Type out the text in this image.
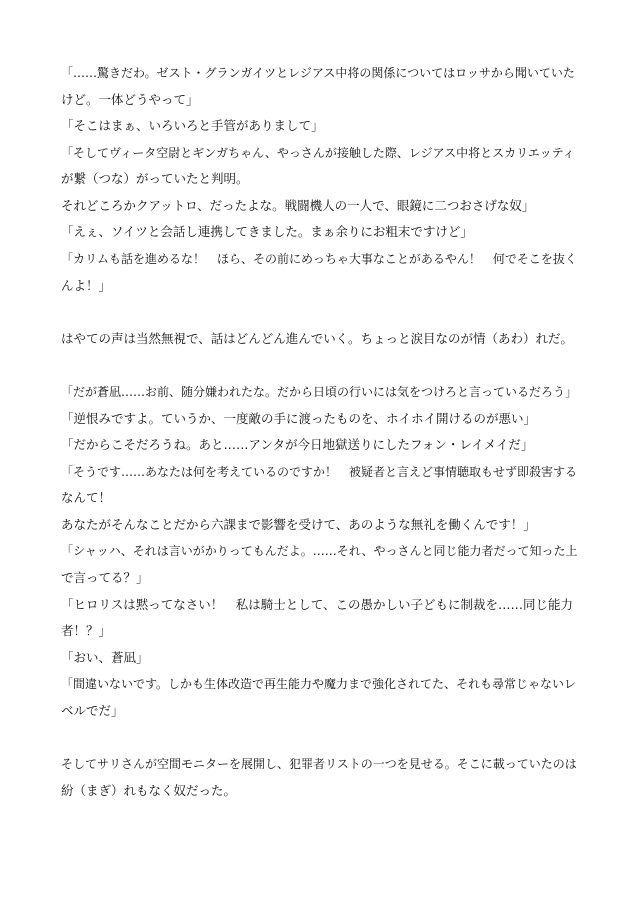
「……驚きだわ。ゼスト・グランガイツとレジアス中将の関係についてはロッサから聞いていた
けど。一体どうやって」
「そこはまぁ、いろいろと手管がありまして」
「そしてヴィータ空尉とギンガちゃん、やっさんが接触した際、レジアス中将とスカリエッティ
が繋（つな）がっていたと判明。
それどころかクアットロ、だったよな。戦闘機人の一人で、眼鏡に二つおさげな奴」
「えぇ、ソイツと会話し連携してきました。まぁ余りにお粗末ですけど」
「カリムも話を進めるな！　ほら、その前にめっちゃ大事なことがあるやん！　何でそこを抜く
んよ！」
はやての声は当然無視で、話はどんどん進んでいく。ちょっと涙目なのが情（あわ）れだ。
「だが蒼凪……お前、随分嫌われたな。だから日頃の行いには気をつけろと言っているだろう」
「逆恨みですよ。ていうか、一度敵の手に渡ったものを、ホイホイ開けるのが悪い」
「だからこそだろうね。あと……アンタが今日地獄送りにしたフォン・レイメイだ」
「そうです……あなたは何を考えているのですか！　被疑者と言えど事情聴取もせず即殺害する
なんて！
あなたがそんなことだから六課まで影響を受けて、あのような無礼を働くんです！」
「シャッハ、それは言いがかりってもんだよ。……それ、やっさんと同じ能力者だって知った上
で言ってる？」
「ヒロリスは黙ってなさい！　私は騎士として、この愚かしい子どもに制裁を……同じ能力
者！？」
「おい、蒼凪」
「間違いないです。しかも生体改造で再生能力や魔力まで強化されてた、それも尋常じゃないレ
ベルでだ」
そしてサリさんが空間モニターを展開し、犯罪者リストの一つを見せる。そこに載っていたのは
紛（まぎ）れもなく奴だった。
